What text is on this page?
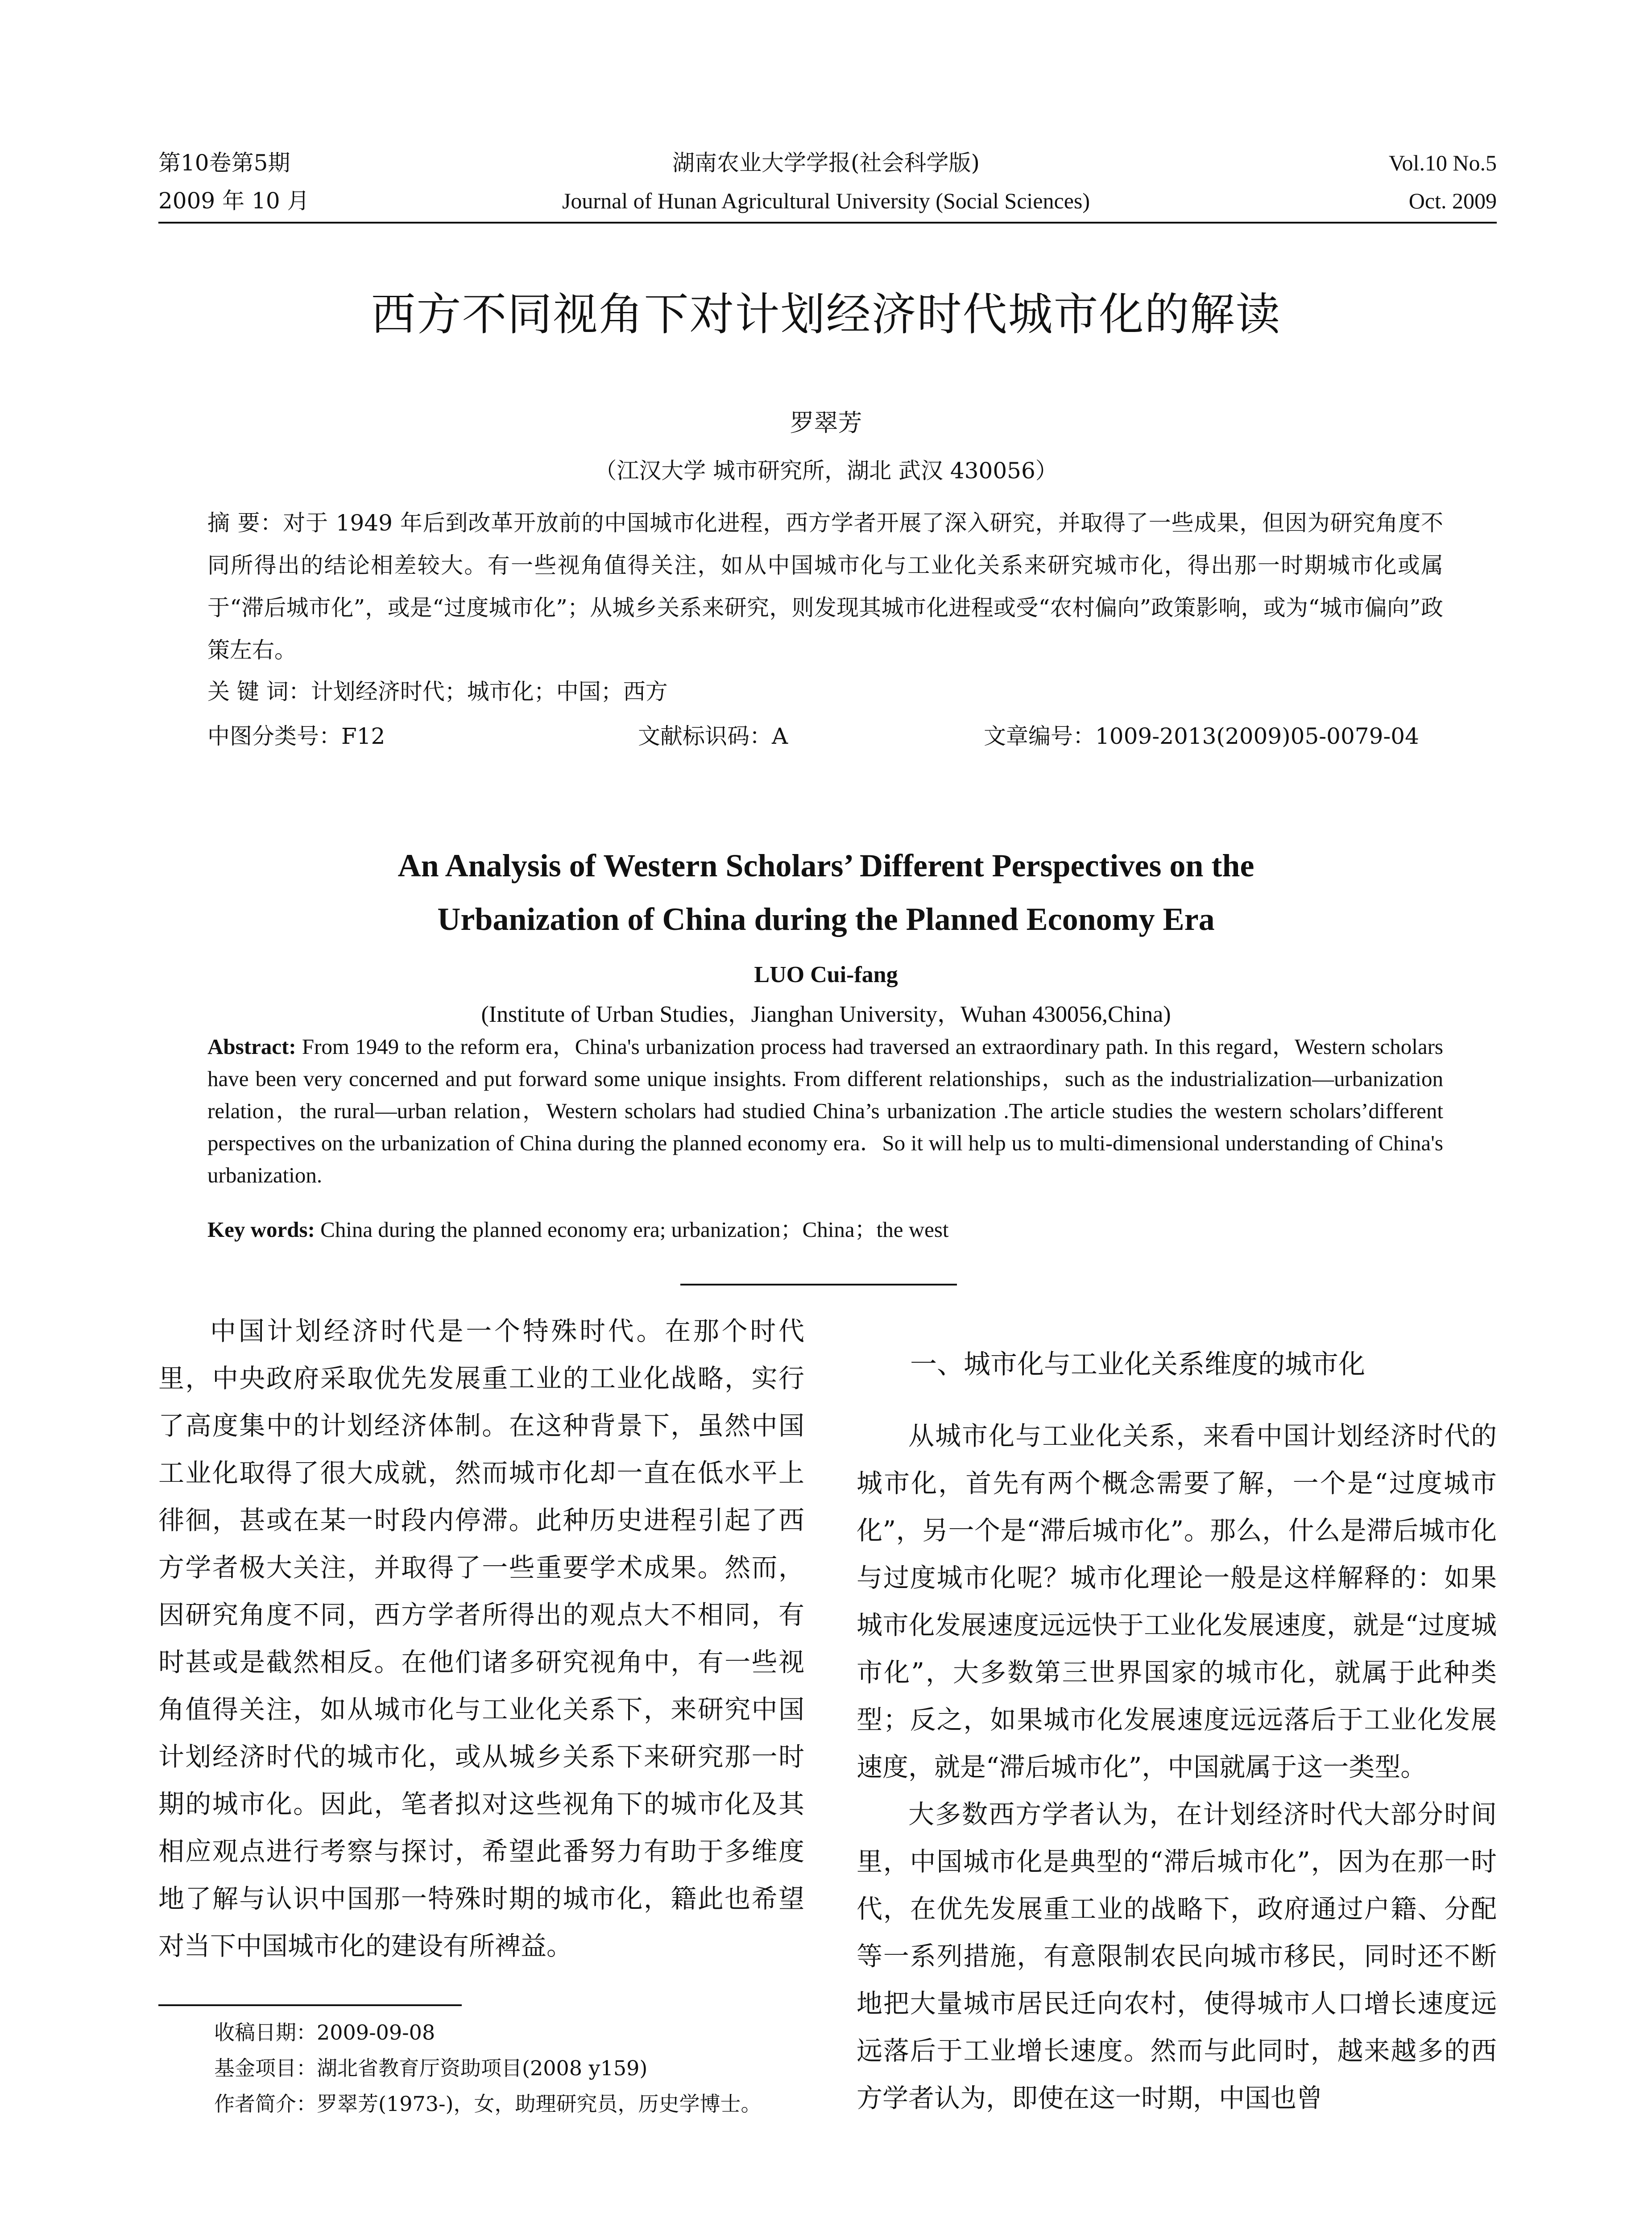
第10卷第5期
2009 年 10 月
湖南农业大学学报(社会科学版)
Journal of Hunan Agricultural University (Social Sciences)
Vol.10 No.5
Oct. 2009
西方不同视角下对计划经济时代城市化的解读
罗翠芳
（江汉大学 城市研究所，湖北 武汉 430056）
摘 要：对于 1949 年后到改革开放前的中国城市化进程，西方学者开展了深入研究，并取得了一些成果，但因为研究角度不同所得出的结论相差较大。有一些视角值得关注，如从中国城市化与工业化关系来研究城市化，得出那一时期城市化或属于“滞后城市化”，或是“过度城市化”；从城乡关系来研究，则发现其城市化进程或受“农村偏向”政策影响，或为“城市偏向”政策左右。
关 键 词：计划经济时代；城市化；中国；西方
中图分类号：F12	文献标识码：A	文章编号：1009-2013(2009)05-0079-04
An Analysis of Western Scholars’ Different Perspectives on the
Urbanization of China during the Planned Economy Era
LUO Cui-fang
(Institute of Urban Studies，Jianghan University，Wuhan 430056,China)
Abstract: From 1949 to the reform era，China's urbanization process had traversed an extraordinary path. In this regard，Western scholars have been very concerned and put forward some unique insights. From different relationships，such as the industrialization—urbanization relation，the rural—urban relation，Western scholars had studied China’s urbanization .The article studies the western scholars’different perspectives on the urbanization of China during the planned economy era．So it will help us to multi-dimensional understanding of China's urbanization.
Key words: China during the planned economy era; urbanization；China；the west

中国计划经济时代是一个特殊时代。在那个时代里，中央政府采取优先发展重工业的工业化战略，实行了高度集中的计划经济体制。在这种背景下，虽然中国工业化取得了很大成就，然而城市化却一直在低水平上徘徊，甚或在某一时段内停滞。此种历史进程引起了西方学者极大关注，并取得了一些重要学术成果。然而，因研究角度不同，西方学者所得出的观点大不相同，有时甚或是截然相反。在他们诸多研究视角中，有一些视角值得关注，如从城市化与工业化关系下，来研究中国计划经济时代的城市化，或从城乡关系下来研究那一时期的城市化。因此，笔者拟对这些视角下的城市化及其相应观点进行考察与探讨，希望此番努力有助于多维度地了解与认识中国那一特殊时期的城市化，籍此也希望对当下中国城市化的建设有所裨益。

收稿日期：2009-09-08
基金项目：湖北省教育厅资助项目(2008 y159)
作者简介：罗翠芳(1973-)，女，助理研究员，历史学博士。
一、城市化与工业化关系维度的城市化

从城市化与工业化关系，来看中国计划经济时代的城市化，首先有两个概念需要了解，一个是“过度城市化”，另一个是“滞后城市化”。那么，什么是滞后城市化与过度城市化呢？城市化理论一般是这样解释的：如果城市化发展速度远远快于工业化发展速度，就是“过度城市化”，大多数第三世界国家的城市化，就属于此种类型；反之，如果城市化发展速度远远落后于工业化发展速度，就是“滞后城市化”，中国就属于这一类型。

大多数西方学者认为，在计划经济时代大部分时间里，中国城市化是典型的“滞后城市化”，因为在那一时代，在优先发展重工业的战略下，政府通过户籍、分配等一系列措施，有意限制农民向城市移民，同时还不断地把大量城市居民迁向农村，使得城市人口增长速度远远落后于工业增长速度。然而与此同时，越来越多的西方学者认为，即使在这一时期，中国也曾
